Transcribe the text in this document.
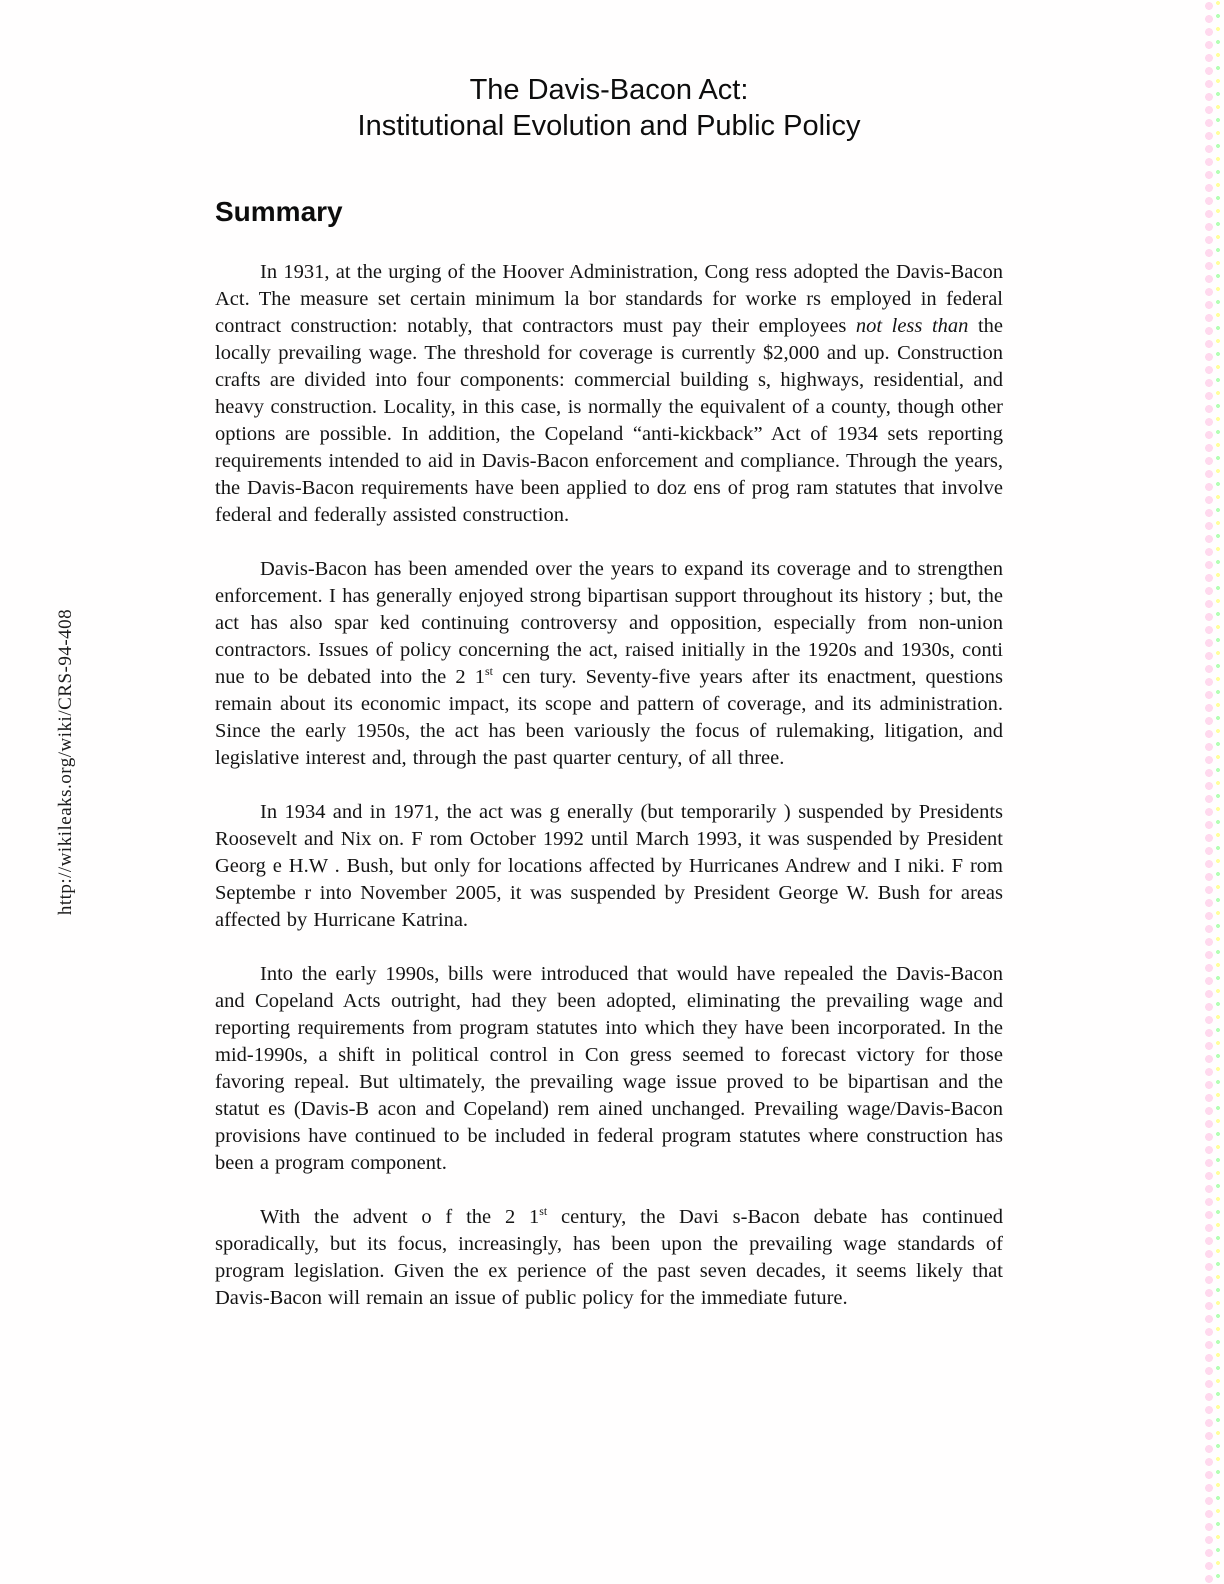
http://wikileaks.org/wiki/CRS-94-408
The Davis-Bacon Act:
Institutional Evolution and Public Policy
Summary

In 1931, at the urging of the Hoover Administration, Cong ress adopted the Davis-Bacon Act. The measure set certain minimum la bor standards for worke rs employed in federal contract construction: notably, that contractors must pay their employees not less than the locally prevailing wage. The threshold for coverage is currently $2,000 and up. Construction crafts are divided into four components: commercial building s, highways, residential, and heavy construction. Locality, in this case, is normally the equivalent of a county, though other options are possible. In addition, the Copeland “anti-kickback” Act of 1934 sets reporting requirements intended to aid in Davis-Bacon enforcement and compliance. Through the years, the Davis-Bacon requirements have been applied to doz ens of prog ram statutes that involve federal and federally assisted construction.

Davis-Bacon has been amended over the years to expand its coverage and to strengthen enforcement. I has generally enjoyed strong bipartisan support throughout its history ; but, the act has also spar ked continuing controversy and opposition, especially from non-union contractors. Issues of policy concerning the act, raised initially in the 1920s and 1930s, conti nue to be debated into the 2 1st cen tury. Seventy-five years after its enactment, questions remain about its economic impact, its scope and pattern of coverage, and its administration. Since the early 1950s, the act has been variously the focus of rulemaking, litigation, and legislative interest and, through the past quarter century, of all three.

In 1934 and in 1971, the act was g enerally (but temporarily ) suspended by Presidents Roosevelt and Nix on. F rom October 1992 until March 1993, it was suspended by President Georg e H.W . Bush, but only for locations affected by Hurricanes Andrew and I niki. F rom Septembe r into November 2005, it was suspended by President George W. Bush for areas affected by Hurricane Katrina.

Into the early 1990s, bills were introduced that would have repealed the Davis-Bacon and Copeland Acts outright, had they been adopted, eliminating the prevailing wage and reporting requirements from program statutes into which they have been incorporated. In the mid-1990s, a shift in political control in Con gress seemed to forecast victory for those favoring repeal. But ultimately, the prevailing wage issue proved to be bipartisan and the statut es (Davis-B acon and Copeland) rem ained unchanged. Prevailing wage/Davis-Bacon provisions have continued to be included in federal program statutes where construction has been a program component.

With the advent o f the 2 1st century, the Davi s-Bacon debate has continued sporadically, but its focus, increasingly, has been upon the prevailing wage standards of program legislation. Given the ex perience of the past seven decades, it seems likely that Davis-Bacon will remain an issue of public policy for the immediate future.
